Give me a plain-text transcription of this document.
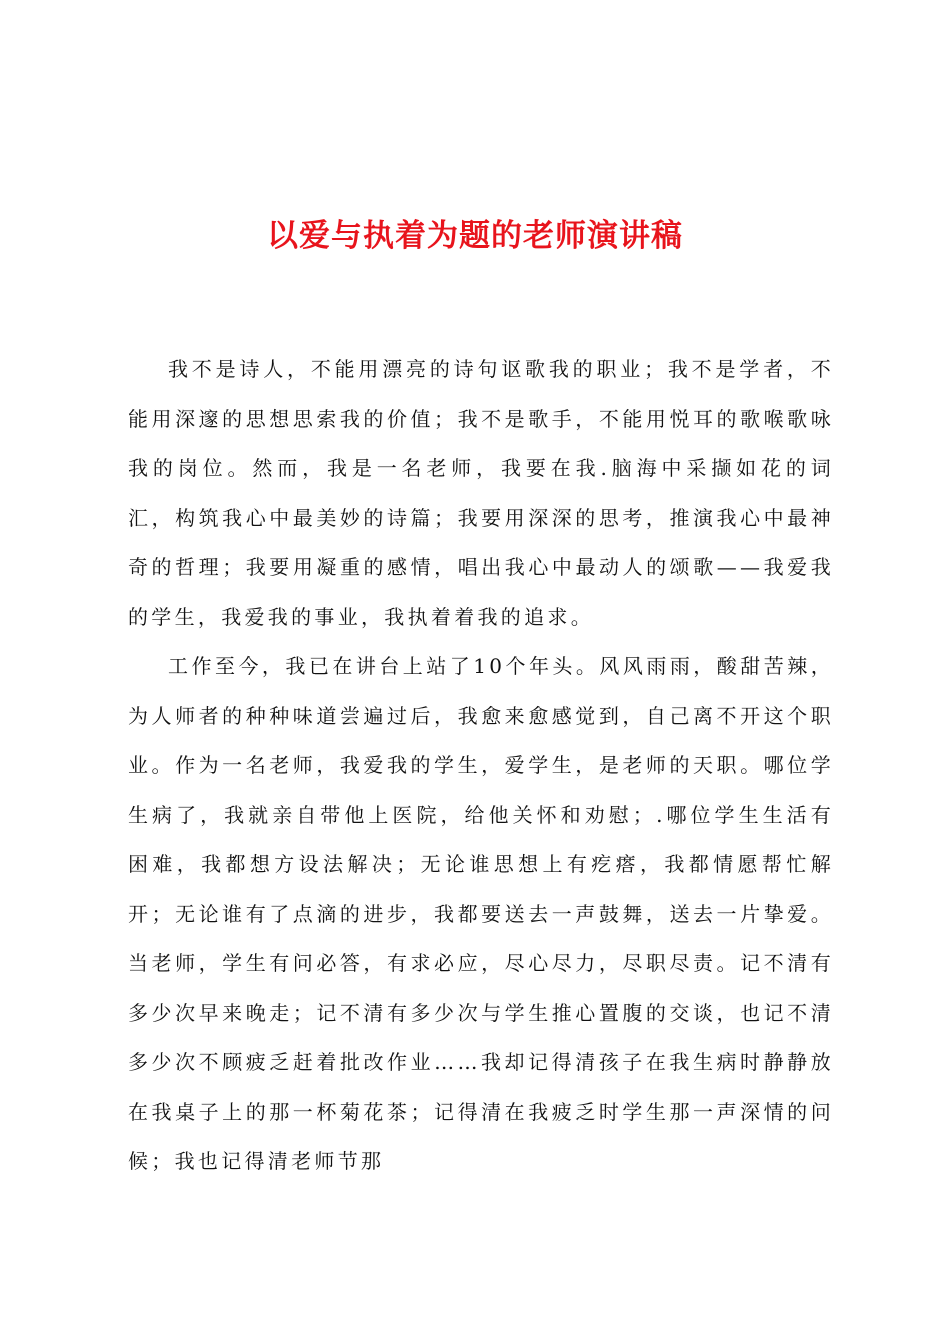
以爱与执着为题的老师演讲稿

我不是诗人，不能用漂亮的诗句讴歌我的职业；我不是学者，不能用深邃的思想思索我的价值；我不是歌手，不能用悦耳的歌喉歌咏我的岗位。然而，我是一名老师，我要在我.脑海中采撷如花的词汇，构筑我心中最美妙的诗篇；我要用深深的思考，推演我心中最神奇的哲理；我要用凝重的感情，唱出我心中最动人的颂歌——我爱我的学生，我爱我的事业，我执着着我的追求。

工作至今，我已在讲台上站了10个年头。风风雨雨，酸甜苦辣，为人师者的种种味道尝遍过后，我愈来愈感觉到，自己离不开这个职业。作为一名老师，我爱我的学生，爱学生，是老师的天职。哪位学生病了，我就亲自带他上医院，给他关怀和劝慰；.哪位学生生活有困难，我都想方设法解决；无论谁思想上有疙瘩，我都情愿帮忙解开；无论谁有了点滴的进步，我都要送去一声鼓舞，送去一片挚爱。当老师，学生有问必答，有求必应，尽心尽力，尽职尽责。记不清有多少次早来晚走；记不清有多少次与学生推心置腹的交谈，也记不清多少次不顾疲乏赶着批改作业……我却记得清孩子在我生病时静静放在我桌子上的那一杯菊花茶；记得清在我疲乏时学生那一声深情的问候；我也记得清老师节那
